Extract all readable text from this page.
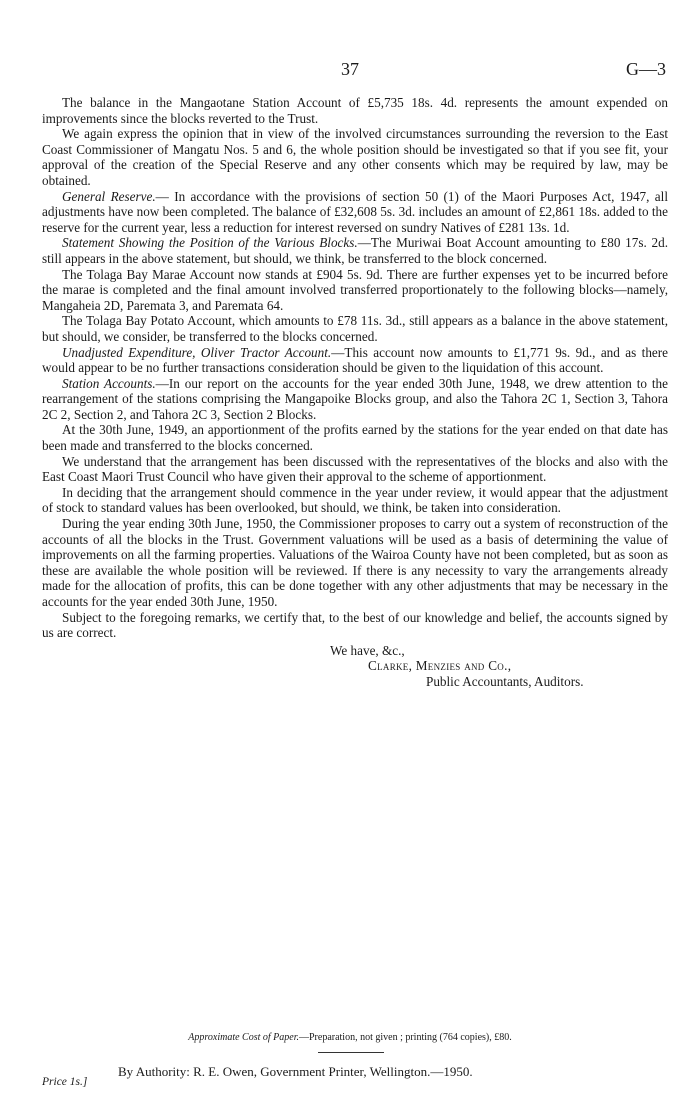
37	G—3

The balance in the Mangaotane Station Account of £5,735 18s. 4d. represents the amount expended on improvements since the blocks reverted to the Trust.

We again express the opinion that in view of the involved circumstances surrounding the reversion to the East Coast Commissioner of Mangatu Nos. 5 and 6, the whole position should be investigated so that if you see fit, your approval of the creation of the Special Reserve and any other consents which may be required by law, may be obtained.

General Reserve.— In accordance with the provisions of section 50 (1) of the Maori Purposes Act, 1947, all adjustments have now been completed. The balance of £32,608 5s. 3d. includes an amount of £2,861 18s. added to the reserve for the current year, less a reduction for interest reversed on sundry Natives of £281 13s. 1d.

Statement Showing the Position of the Various Blocks.—The Muriwai Boat Account amounting to £80 17s. 2d. still appears in the above statement, but should, we think, be transferred to the block concerned.

The Tolaga Bay Marae Account now stands at £904 5s. 9d. There are further expenses yet to be incurred before the marae is completed and the final amount involved transferred proportionately to the following blocks—namely, Mangaheia 2D, Paremata 3, and Paremata 64.

The Tolaga Bay Potato Account, which amounts to £78 11s. 3d., still appears as a balance in the above statement, but should, we consider, be transferred to the blocks concerned.

Unadjusted Expenditure, Oliver Tractor Account.—This account now amounts to £1,771 9s. 9d., and as there would appear to be no further transactions consideration should be given to the liquidation of this account.

Station Accounts.—In our report on the accounts for the year ended 30th June, 1948, we drew attention to the rearrangement of the stations comprising the Mangapoike Blocks group, and also the Tahora 2C 1, Section 3, Tahora 2C 2, Section 2, and Tahora 2C 3, Section 2 Blocks.

At the 30th June, 1949, an apportionment of the profits earned by the stations for the year ended on that date has been made and transferred to the blocks concerned.

We understand that the arrangement has been discussed with the representatives of the blocks and also with the East Coast Maori Trust Council who have given their approval to the scheme of apportionment.

In deciding that the arrangement should commence in the year under review, it would appear that the adjustment of stock to standard values has been overlooked, but should, we think, be taken into consideration.

During the year ending 30th June, 1950, the Commissioner proposes to carry out a system of reconstruction of the accounts of all the blocks in the Trust. Government valuations will be used as a basis of determining the value of improvements on all the farming properties. Valuations of the Wairoa County have not been completed, but as soon as these are available the whole position will be reviewed. If there is any necessity to vary the arrangements already made for the allocation of profits, this can be done together with any other adjustments that may be necessary in the accounts for the year ended 30th June, 1950.

Subject to the foregoing remarks, we certify that, to the best of our knowledge and belief, the accounts signed by us are correct.

We have, &c.,
Clarke, Menzies and Co.,
Public Accountants, Auditors.
Approximate Cost of Paper.—Preparation, not given ; printing (764 copies), £80.
By Authority: R. E. Owen, Government Printer, Wellington.—1950.
Price 1s.]
